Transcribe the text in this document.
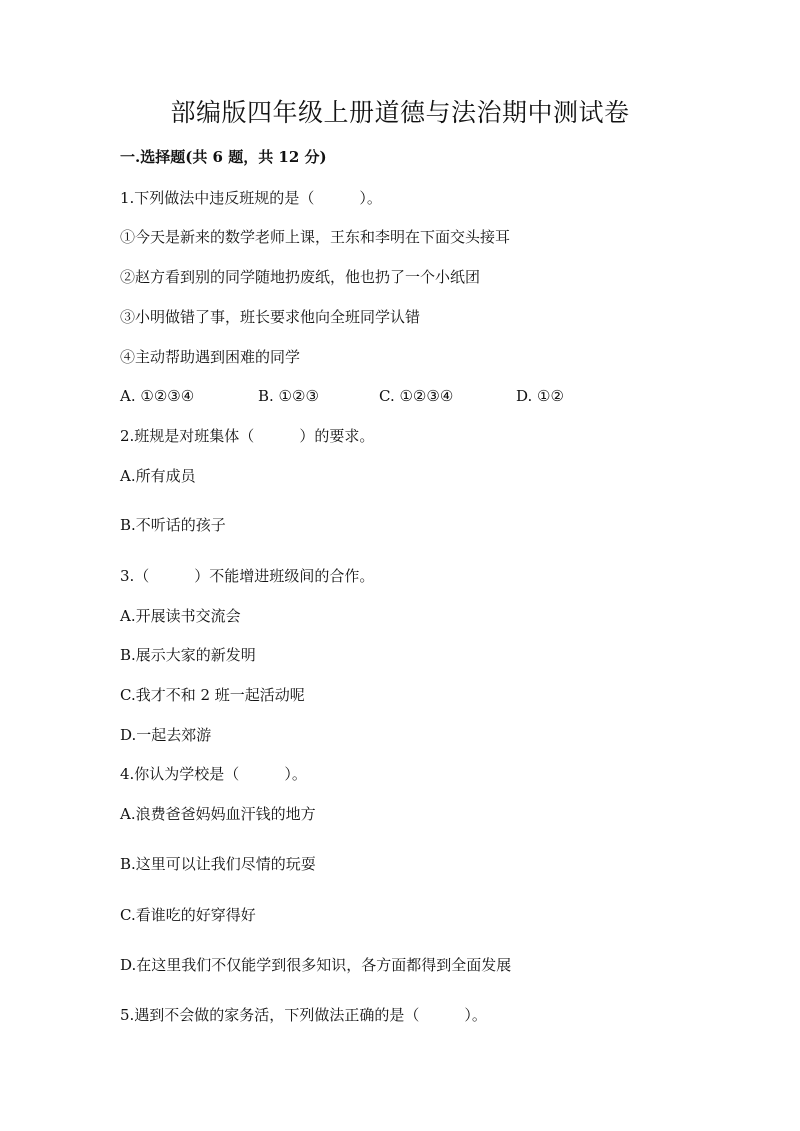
部编版四年级上册道德与法治期中测试卷
一.选择题(共 6 题，共 12 分)
1.下列做法中违反班规的是（　　　）。
①今天是新来的数学老师上课，王东和李明在下面交头接耳
②赵方看到别的同学随地扔废纸，他也扔了一个小纸团
③小明做错了事，班长要求他向全班同学认错
④主动帮助遇到困难的同学
A. ①②③④	B. ①②③	C. ①②③④	D. ①②
2.班规是对班集体（　　　）的要求。
A.所有成员
B.不听话的孩子
3.（　　　）不能增进班级间的合作。
A.开展读书交流会
B.展示大家的新发明
C.我才不和 2 班一起活动呢
D.一起去郊游
4.你认为学校是（　　　）。
A.浪费爸爸妈妈血汗钱的地方
B.这里可以让我们尽情的玩耍
C.看谁吃的好穿得好
D.在这里我们不仅能学到很多知识，各方面都得到全面发展
5.遇到不会做的家务活，下列做法正确的是（　　　）。
